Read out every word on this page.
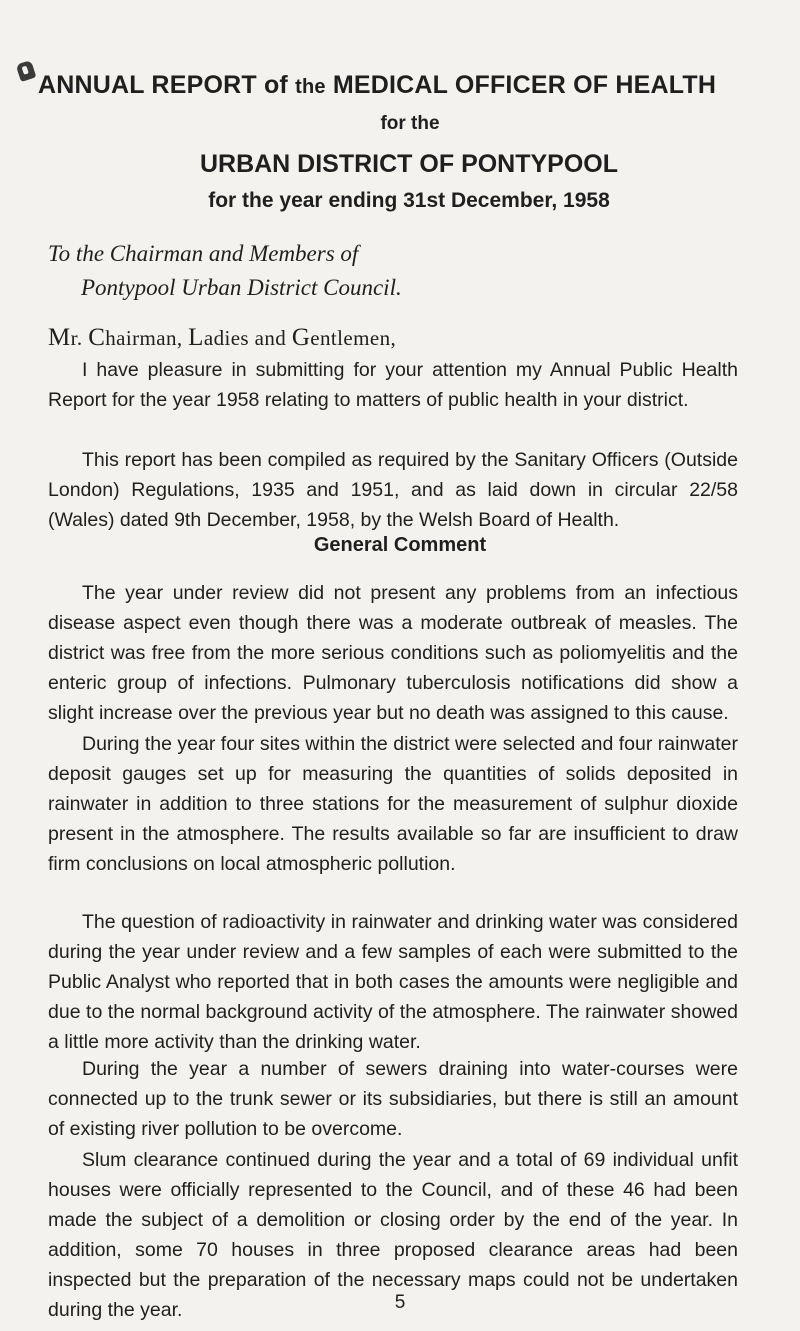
ANNUAL REPORT of the MEDICAL OFFICER OF HEALTH
for the
URBAN DISTRICT OF PONTYPOOL
for the year ending 31st December, 1958
To the Chairman and Members of
Pontypool Urban District Council.
Mr. Chairman, Ladies and Gentlemen,

I have pleasure in submitting for your attention my Annual Public Health Report for the year 1958 relating to matters of public health in your district.

This report has been compiled as required by the Sanitary Officers (Outside London) Regulations, 1935 and 1951, and as laid down in circular 22/58 (Wales) dated 9th December, 1958, by the Welsh Board of Health.

General Comment

The year under review did not present any problems from an infectious disease aspect even though there was a moderate outbreak of measles. The district was free from the more serious conditions such as poliomyelitis and the enteric group of infections. Pulmonary tuberculosis notifications did show a slight increase over the previous year but no death was assigned to this cause.

During the year four sites within the district were selected and four rainwater deposit gauges set up for measuring the quantities of solids deposited in rainwater in addition to three stations for the measurement of sulphur dioxide present in the atmosphere. The results available so far are insufficient to draw firm conclusions on local atmospheric pollution.

The question of radioactivity in rainwater and drinking water was considered during the year under review and a few samples of each were submitted to the Public Analyst who reported that in both cases the amounts were negligible and due to the normal background activity of the atmosphere. The rainwater showed a little more activity than the drinking water.

During the year a number of sewers draining into water-courses were connected up to the trunk sewer or its subsidiaries, but there is still an amount of existing river pollution to be overcome.

Slum clearance continued during the year and a total of 69 individual unfit houses were officially represented to the Council, and of these 46 had been made the subject of a demolition or closing order by the end of the year. In addition, some 70 houses in three proposed clearance areas had been inspected but the preparation of the necessary maps could not be undertaken during the year.	5
